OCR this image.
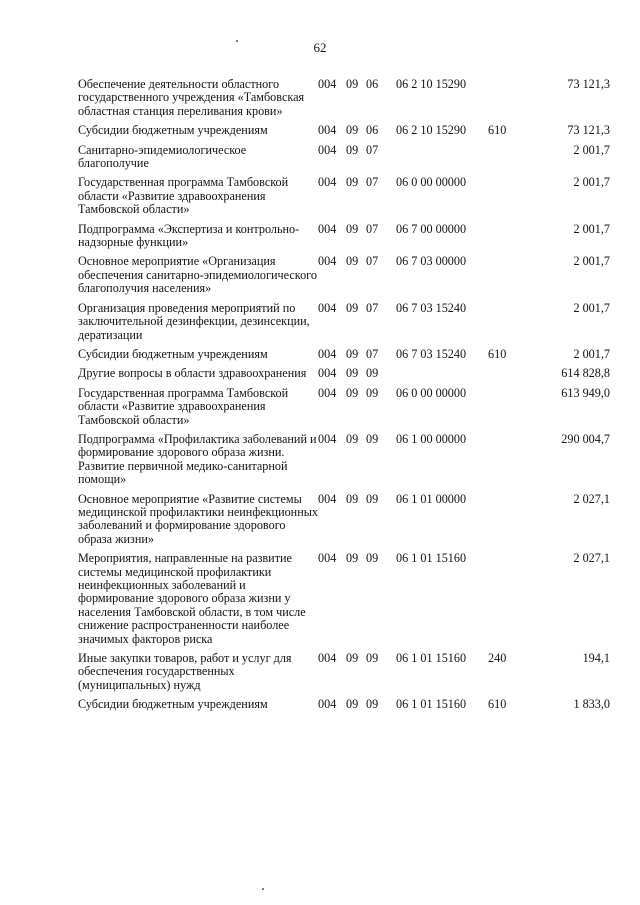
62
Обеспечение деятельности областного государственного учреждения «Тамбовская областная станция переливания крови»	004	09	06	06 2 10 15290		73 121,3
Субсидии бюджетным учреждениям	004	09	06	06 2 10 15290	610	73 121,3
Санитарно-эпидемиологическое благополучие	004	09	07			2 001,7
Государственная программа Тамбовской области «Развитие здравоохранения Тамбовской области»	004	09	07	06 0 00 00000		2 001,7
Подпрограмма «Экспертиза и контрольно-надзорные функции»	004	09	07	06 7 00 00000		2 001,7
Основное мероприятие «Организация обеспечения санитарно-эпидемиологического благополучия населения»	004	09	07	06 7 03 00000		2 001,7
Организация проведения мероприятий по заключительной дезинфекции, дезинсекции, дератизации	004	09	07	06 7 03 15240		2 001,7
Субсидии бюджетным учреждениям	004	09	07	06 7 03 15240	610	2 001,7
Другие вопросы в области здравоохранения	004	09	09			614 828,8
Государственная программа Тамбовской области «Развитие здравоохранения Тамбовской области»	004	09	09	06 0 00 00000		613 949,0
Подпрограмма «Профилактика заболеваний и формирование здорового образа жизни. Развитие первичной медико-санитарной помощи»	004	09	09	06 1 00 00000		290 004,7
Основное мероприятие «Развитие системы медицинской профилактики неинфекционных заболеваний и формирование здорового образа жизни»	004	09	09	06 1 01 00000		2 027,1
Мероприятия, направленные на развитие системы медицинской профилактики неинфекционных заболеваний и формирование здорового образа жизни у населения Тамбовской области, в том числе снижение распространенности наиболее значимых факторов риска	004	09	09	06 1 01 15160		2 027,1
Иные закупки товаров, работ и услуг для обеспечения государственных (муниципальных) нужд	004	09	09	06 1 01 15160	240	194,1
Субсидии бюджетным учреждениям	004	09	09	06 1 01 15160	610	1 833,0
